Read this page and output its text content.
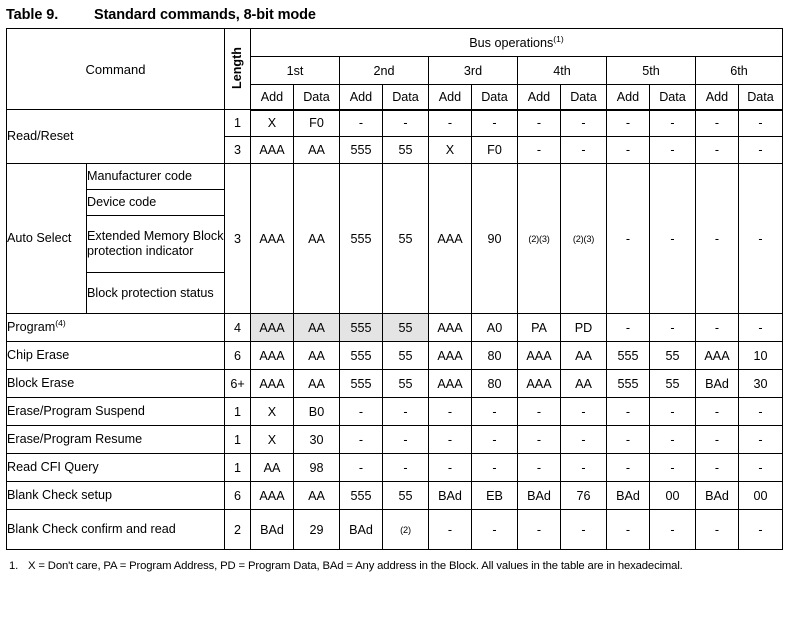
Table 9.	Standard commands, 8-bit mode
Command		Length	Bus operations$^{(1)}$
			1st		2nd		3rd		4th		5th		6th	
			Add	Data	Add	Data	Add	Data	Add	Data	Add	Data	Add	Data
Read/Reset		1	X	F0	-	-	-	-	-	-	-	-	-	-
		3	AAA	AA	555	55	X	F0	-	-	-	-	-	-
Auto Select	Manufacturer code	3	AAA	AA	555	55	AAA	90	(2)(3)	(2)(3)	-	-	-	-
	Device code													
	Extended Memory Block protection indicator													
	Block protection status													
Program$^{(4)}$		4	AAA	AA	555	55	AAA	A0	PA	PD	-	-	-	-
Chip Erase		6	AAA	AA	555	55	AAA	80	AAA	AA	555	55	AAA	10
Block Erase		6+	AAA	AA	555	55	AAA	80	AAA	AA	555	55	BAd	30
Erase/Program Suspend		1	X	B0	-	-	-	-	-	-	-	-	-	-
Erase/Program Resume		1	X	30	-	-	-	-	-	-	-	-	-	-
Read CFI Query		1	AA	98	-	-	-	-	-	-	-	-	-	-
Blank Check setup		6	AAA	AA	555	55	BAd	EB	BAd	76	BAd	00	BAd	00
Blank Check confirm and read		2	BAd	29	BAd	(2)	-	-	-	-	-	-	-	-
1. X = Don't care, PA = Program Address, PD = Program Data, BAd = Any address in the Block. All values in the table are in hexadecimal.
